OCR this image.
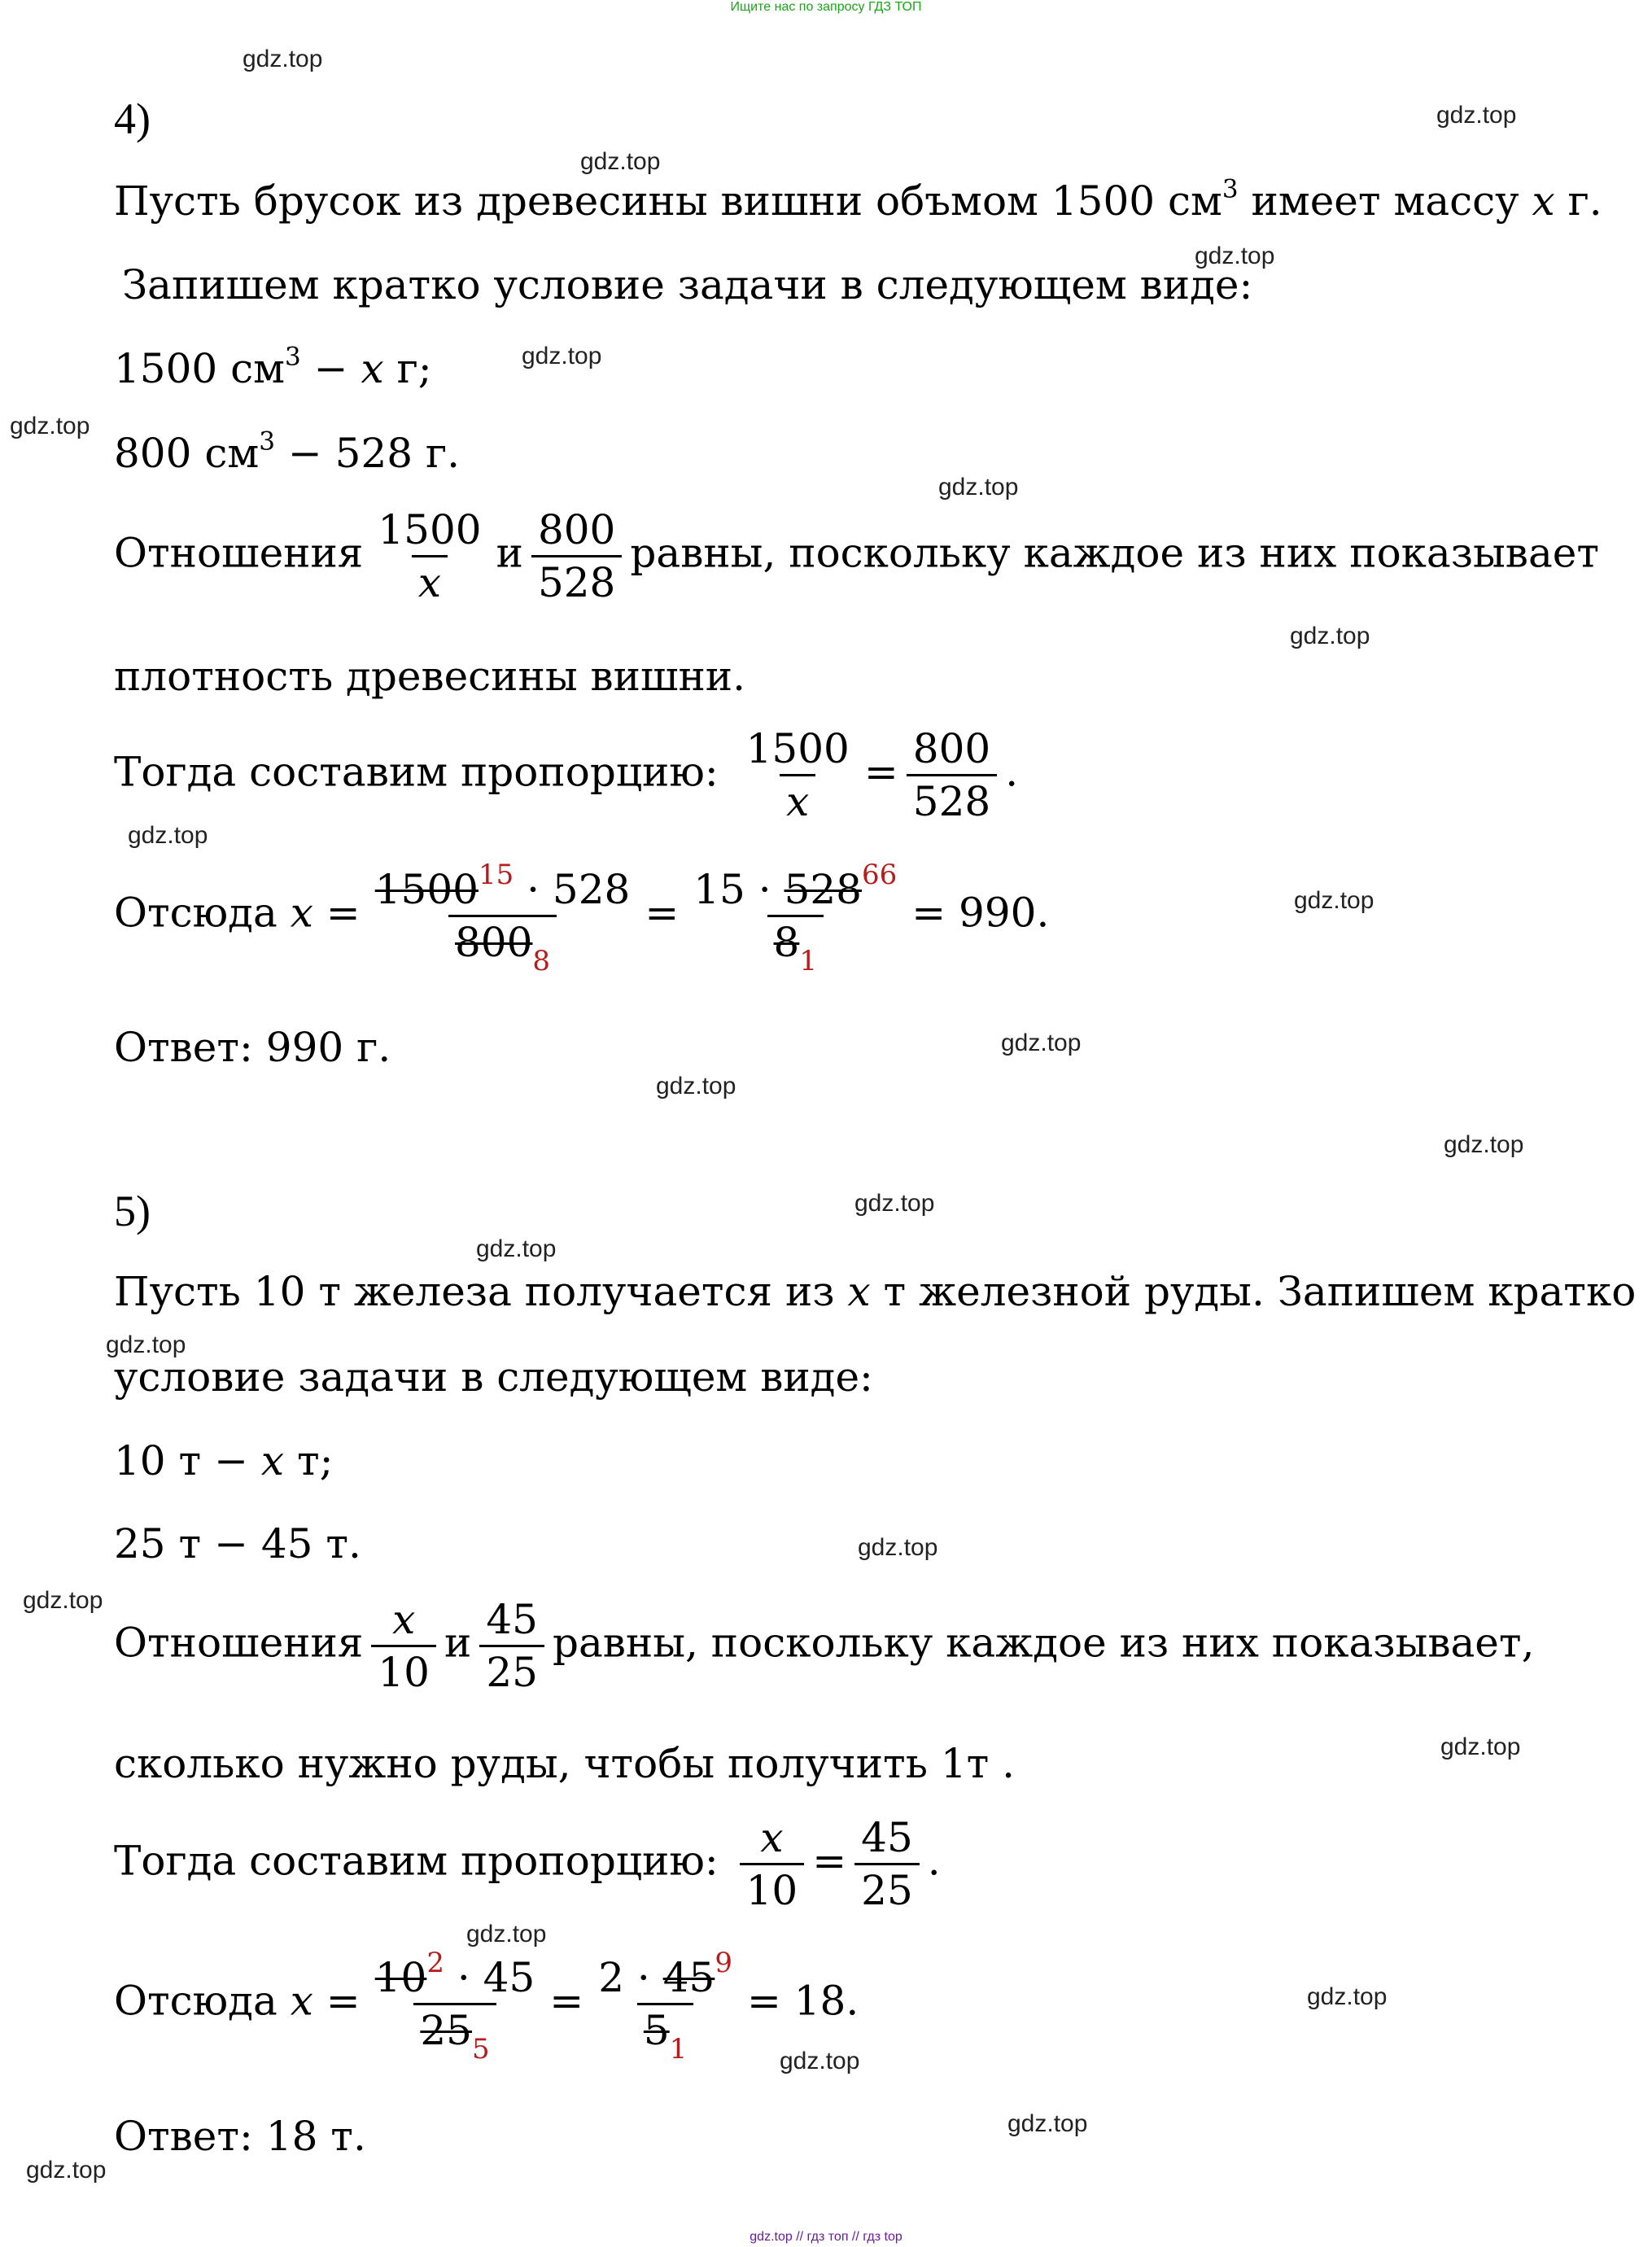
Ищите нас по запросу ГДЗ ТОП
gdz.top
gdz.top
gdz.top
gdz.top
gdz.top
gdz.top
gdz.top
gdz.top
gdz.top
gdz.top
gdz.top
gdz.top
gdz.top
gdz.top
gdz.top
gdz.top
gdz.top
gdz.top
gdz.top
gdz.top
gdz.top
gdz.top
gdz.top
gdz.top
4)
Пусть брусок из древесины вишни объмом 1500 $см^3$ имеет массу x г.
Запишем кратко условие задачи в следующем виде:
1500 $см^3 - x$ г;
800 $см^3 - 528$ г.
Отношения $\frac{1500}{x}$ и $\frac{800}{528}$ равны, поскольку каждое из них показывает
плотность древесины вишни.
Тогда составим пропорцию: $\frac{1500}{x} = \frac{800}{528}$ .
Отсюда $x = \frac{1500^{15} \cdot 528}{800_8} = \frac{15 \cdot 528^{66}}{8_1} = 990$.
Ответ: 990 г.
5)
Пусть 10 т железа получается из x т железной руды. Запишем кратко
условие задачи в следующем виде:
10 т − x т;
25 т − 45 т.
Отношения $\frac{x}{10}$ и $\frac{45}{25}$ равны, поскольку каждое из них показывает,
сколько нужно руды, чтобы получить 1т .
Тогда составим пропорцию: $\frac{x}{10} = \frac{45}{25}$ .
Отсюда $x = \frac{10^2 \cdot 45}{25_5} = \frac{2 \cdot 45^9}{5_1} = 18$.
Ответ: 18 т.
gdz.top // гдз топ // гдз top
